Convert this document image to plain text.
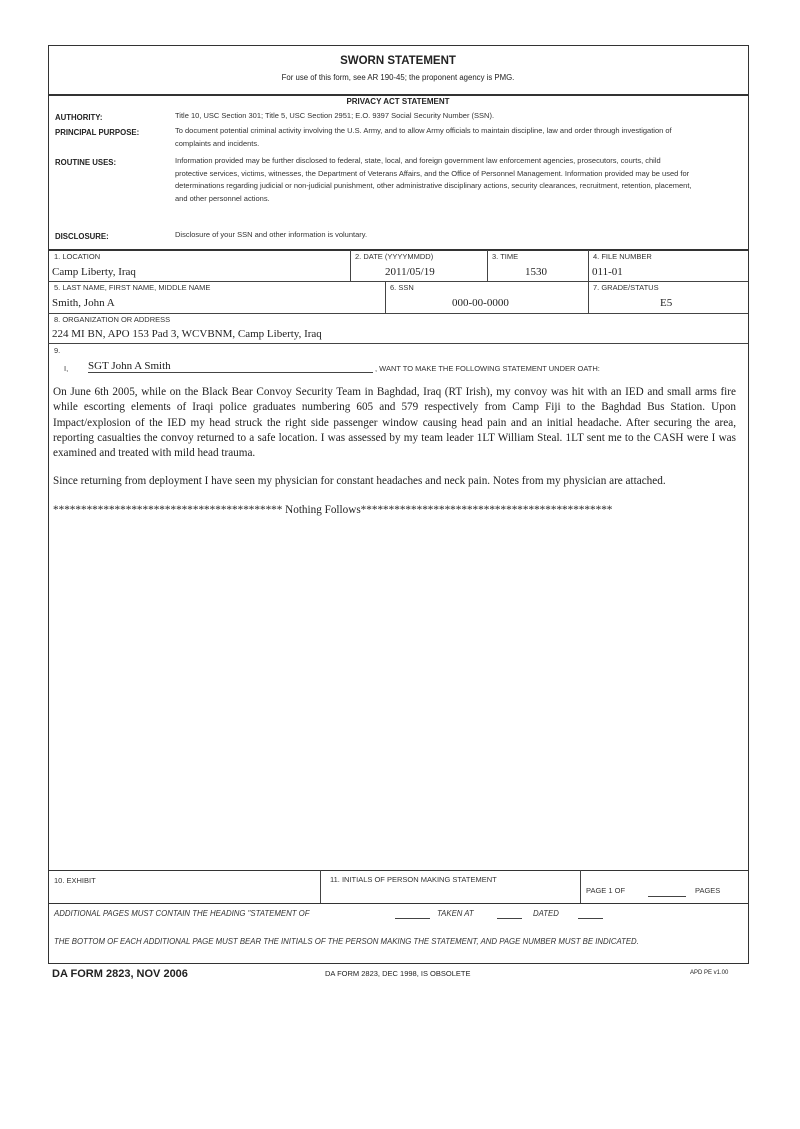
SWORN STATEMENT
For use of this form, see AR 190-45; the proponent agency is PMG.
PRIVACY ACT STATEMENT
AUTHORITY:	Title 10, USC Section 301; Title 5, USC Section 2951; E.O. 9397 Social Security Number (SSN).
PRINCIPAL PURPOSE:	To document potential criminal activity involving the U.S. Army, and to allow Army officials to maintain discipline, law and order through investigation of complaints and incidents.
ROUTINE USES:	Information provided may be further disclosed to federal, state, local, and foreign government law enforcement agencies, prosecutors, courts, child protective services, victims, witnesses, the Department of Veterans Affairs, and the Office of Personnel Management. Information provided may be used for determinations regarding judicial or non-judicial punishment, other administrative disciplinary actions, security clearances, recruitment, retention, placement, and other personnel actions.
DISCLOSURE:	Disclosure of your SSN and other information is voluntary.
1. LOCATION
Camp Liberty, Iraq
2. DATE (YYYYMMDD)
2011/05/19
3. TIME
1530
4. FILE NUMBER
011-01
5. LAST NAME, FIRST NAME, MIDDLE NAME
Smith, John A
6. SSN
000-00-0000
7. GRADE/STATUS
E5
8. ORGANIZATION OR ADDRESS
224 MI BN, APO 153 Pad 3, WCVBNM, Camp Liberty, Iraq
9.
I, SGT John A Smith	, WANT TO MAKE THE FOLLOWING STATEMENT UNDER OATH:
On June 6th 2005, while on the Black Bear Convoy Security Team in Baghdad, Iraq (RT Irish), my convoy was hit with an IED and small arms fire while escorting elements of Iraqi police graduates numbering 605 and 579 respectively from Camp Fiji to the Baghdad Bus Station. Upon Impact/explosion of the IED my head struck the right side passenger window causing head pain and an initial headache. After securing the area, reporting casualties the convoy returned to a safe location. I was assessed by my team leader 1LT William Steal. 1LT sent me to the CASH were I was examined and treated with mild head trauma.
Since returning from deployment I have seen my physician for constant headaches and neck pain. Notes from my physician are attached.
***************************************** Nothing Follows*********************************************
10. EXHIBIT	11. INITIALS OF PERSON MAKING STATEMENT
PAGE 1 OF	PAGES
ADDITIONAL PAGES MUST CONTAIN THE HEADING "STATEMENT OF	TAKEN AT	DATED
THE BOTTOM OF EACH ADDITIONAL PAGE MUST BEAR THE INITIALS OF THE PERSON MAKING THE STATEMENT, AND PAGE NUMBER MUST BE INDICATED.
DA FORM 2823, NOV 2006	DA FORM 2823, DEC 1998, IS OBSOLETE	APD PE v1.00
